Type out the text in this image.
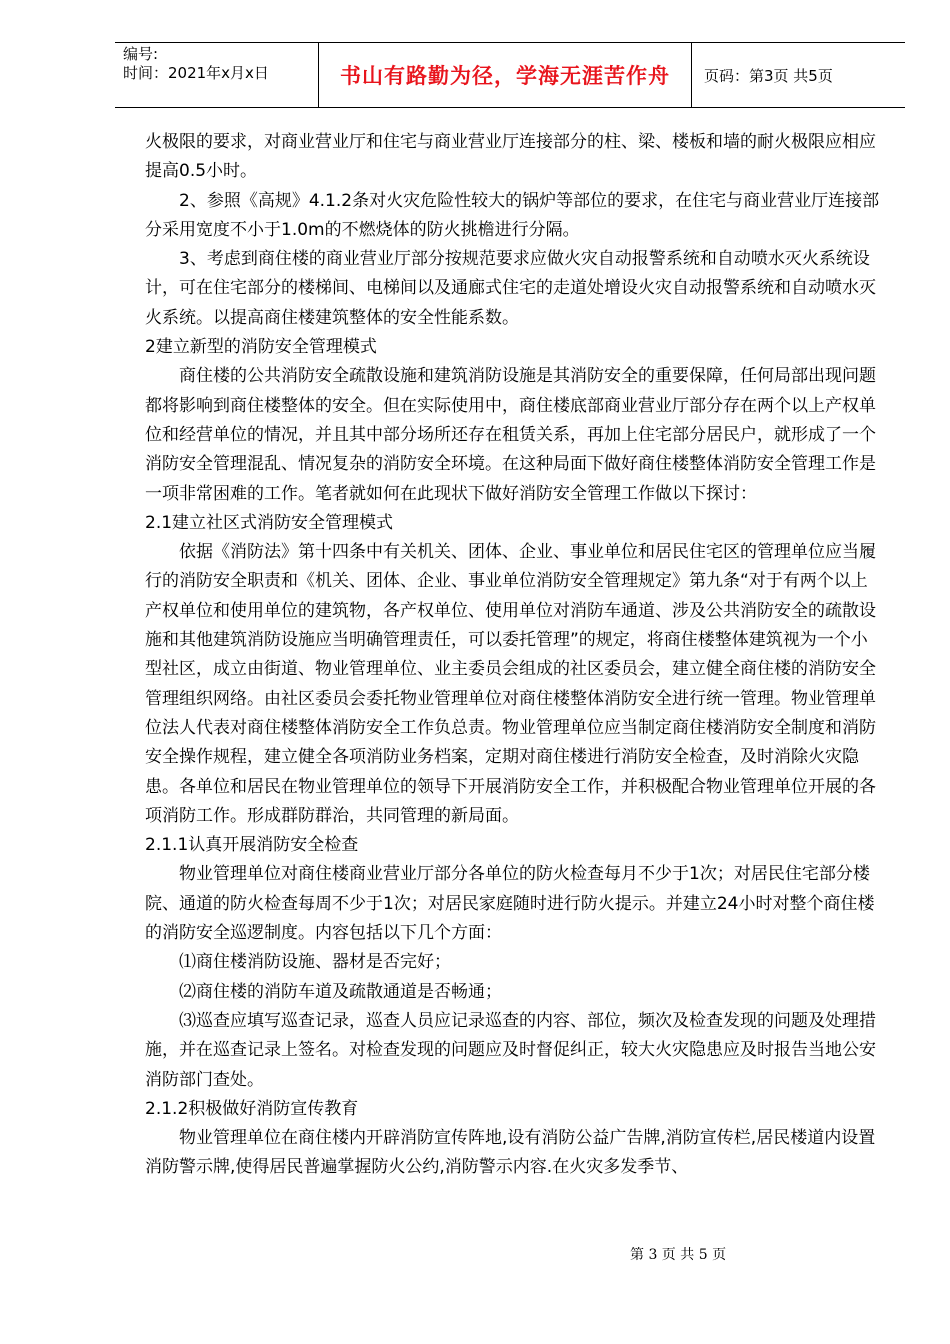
编号:
时间：2021年x月x日	书山有路勤为径，学海无涯苦作舟	页码：第3页 共5页

火极限的要求，对商业营业厅和住宅与商业营业厅连接部分的柱、梁、楼板和墙的耐火极限应相应提高0.5小时。

2、参照《高规》4.1.2条对火灾危险性较大的锅炉等部位的要求，在住宅与商业营业厅连接部分采用宽度不小于1.0m的不燃烧体的防火挑檐进行分隔。

3、考虑到商住楼的商业营业厅部分按规范要求应做火灾自动报警系统和自动喷水灭火系统设计，可在住宅部分的楼梯间、电梯间以及通廊式住宅的走道处增设火灾自动报警系统和自动喷水灭火系统。以提高商住楼建筑整体的安全性能系数。

2建立新型的消防安全管理模式

商住楼的公共消防安全疏散设施和建筑消防设施是其消防安全的重要保障，任何局部出现问题都将影响到商住楼整体的安全。但在实际使用中，商住楼底部商业营业厅部分存在两个以上产权单位和经营单位的情况，并且其中部分场所还存在租赁关系，再加上住宅部分居民户，就形成了一个消防安全管理混乱、情况复杂的消防安全环境。在这种局面下做好商住楼整体消防安全管理工作是一项非常困难的工作。笔者就如何在此现状下做好消防安全管理工作做以下探讨：

2.1建立社区式消防安全管理模式

依据《消防法》第十四条中有关机关、团体、企业、事业单位和居民住宅区的管理单位应当履行的消防安全职责和《机关、团体、企业、事业单位消防安全管理规定》第九条“对于有两个以上产权单位和使用单位的建筑物，各产权单位、使用单位对消防车通道、涉及公共消防安全的疏散设施和其他建筑消防设施应当明确管理责任，可以委托管理”的规定，将商住楼整体建筑视为一个小型社区，成立由街道、物业管理单位、业主委员会组成的社区委员会，建立健全商住楼的消防安全管理组织网络。由社区委员会委托物业管理单位对商住楼整体消防安全进行统一管理。物业管理单位法人代表对商住楼整体消防安全工作负总责。物业管理单位应当制定商住楼消防安全制度和消防安全操作规程，建立健全各项消防业务档案，定期对商住楼进行消防安全检查，及时消除火灾隐患。各单位和居民在物业管理单位的领导下开展消防安全工作，并积极配合物业管理单位开展的各项消防工作。形成群防群治，共同管理的新局面。

2.1.1认真开展消防安全检查

物业管理单位对商住楼商业营业厅部分各单位的防火检查每月不少于1次；对居民住宅部分楼院、通道的防火检查每周不少于1次；对居民家庭随时进行防火提示。并建立24小时对整个商住楼的消防安全巡逻制度。内容包括以下几个方面：

⑴商住楼消防设施、器材是否完好；

⑵商住楼的消防车道及疏散通道是否畅通；

⑶巡查应填写巡查记录，巡查人员应记录巡查的内容、部位，频次及检查发现的问题及处理措施，并在巡查记录上签名。对检查发现的问题应及时督促纠正，较大火灾隐患应及时报告当地公安消防部门查处。

2.1.2积极做好消防宣传教育

物业管理单位在商住楼内开辟消防宣传阵地,设有消防公益广告牌,消防宣传栏,居民楼道内设置消防警示牌,使得居民普遍掌握防火公约,消防警示内容.在火灾多发季节、

第 3 页 共 5 页
